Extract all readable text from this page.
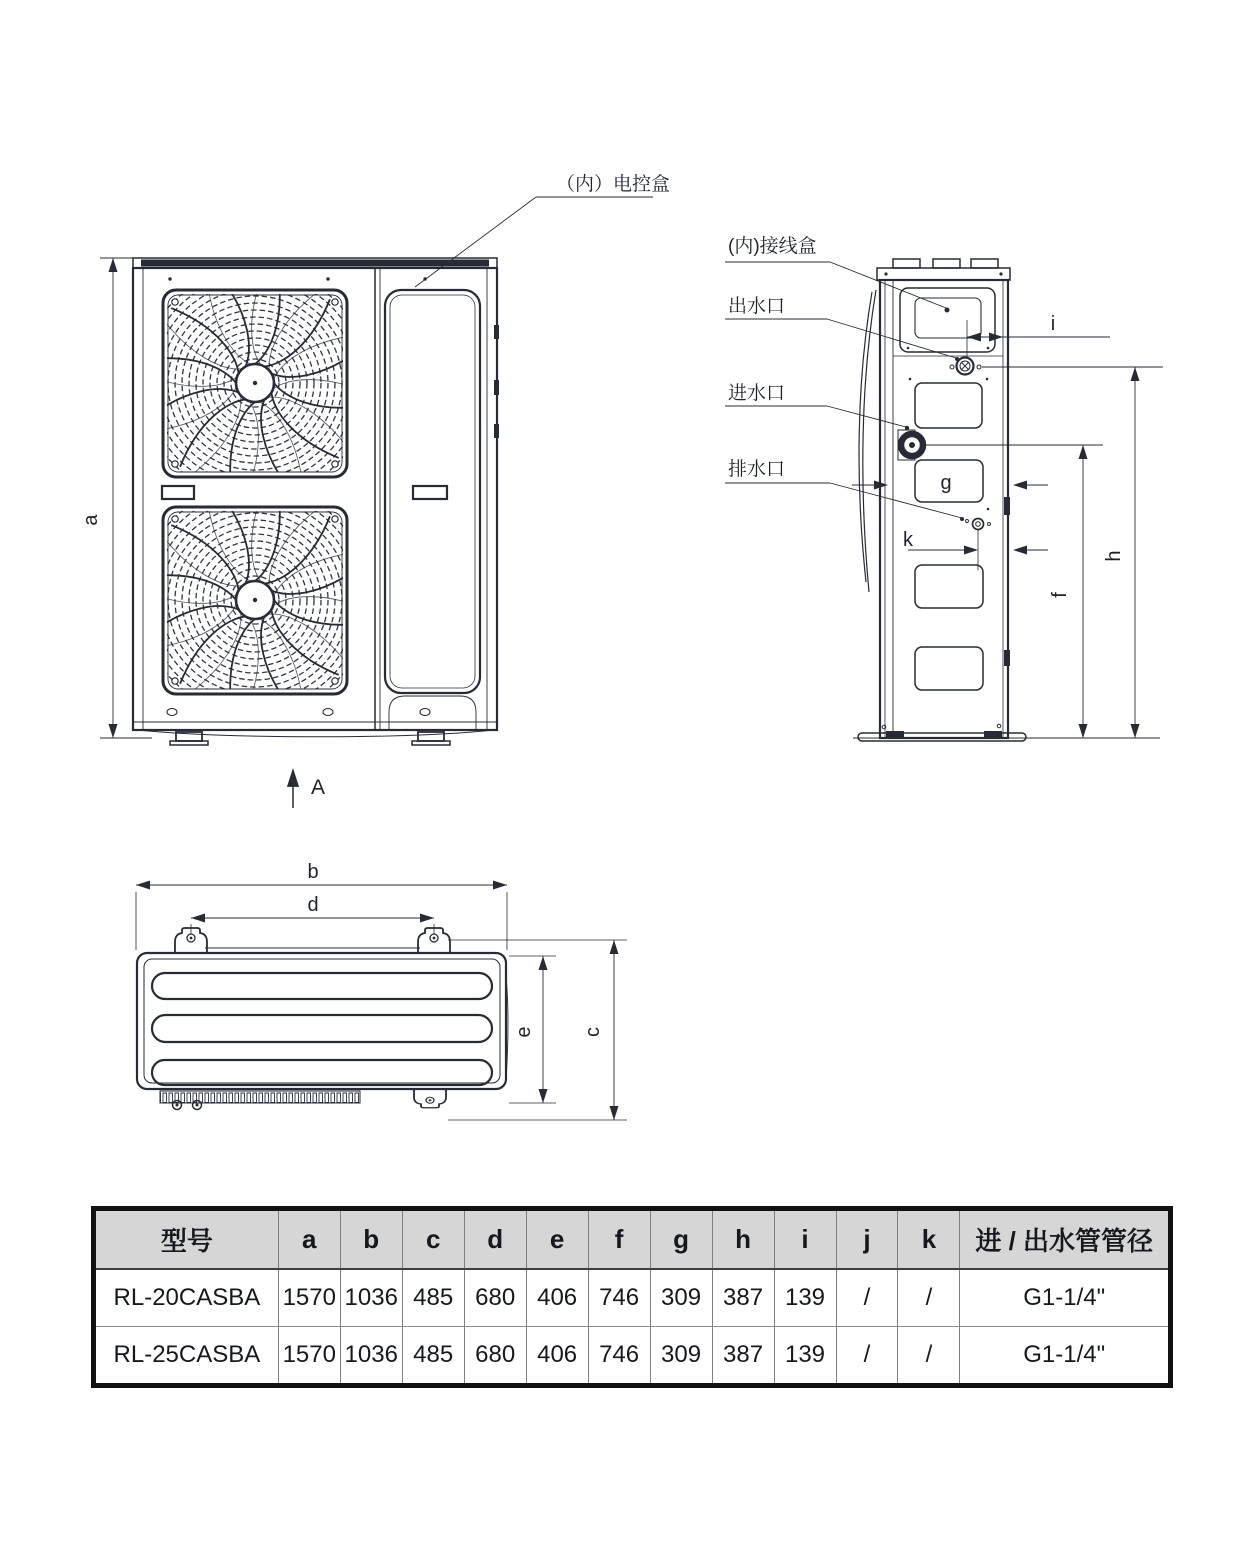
a
（内）电控盒
A
i
g
k
f
h
(内)接线盒
出水口
进水口
排水口
b
d
e c
型号	a	b	c	d	e	f	g	h	i	j	k	进 / 出水管管径
RL-20CASBA	1570	1036	485	680	406	746	309	387	139	/	/	G1-1/4"
RL-25CASBA	1570	1036	485	680	406	746	309	387	139	/	/	G1-1/4"
